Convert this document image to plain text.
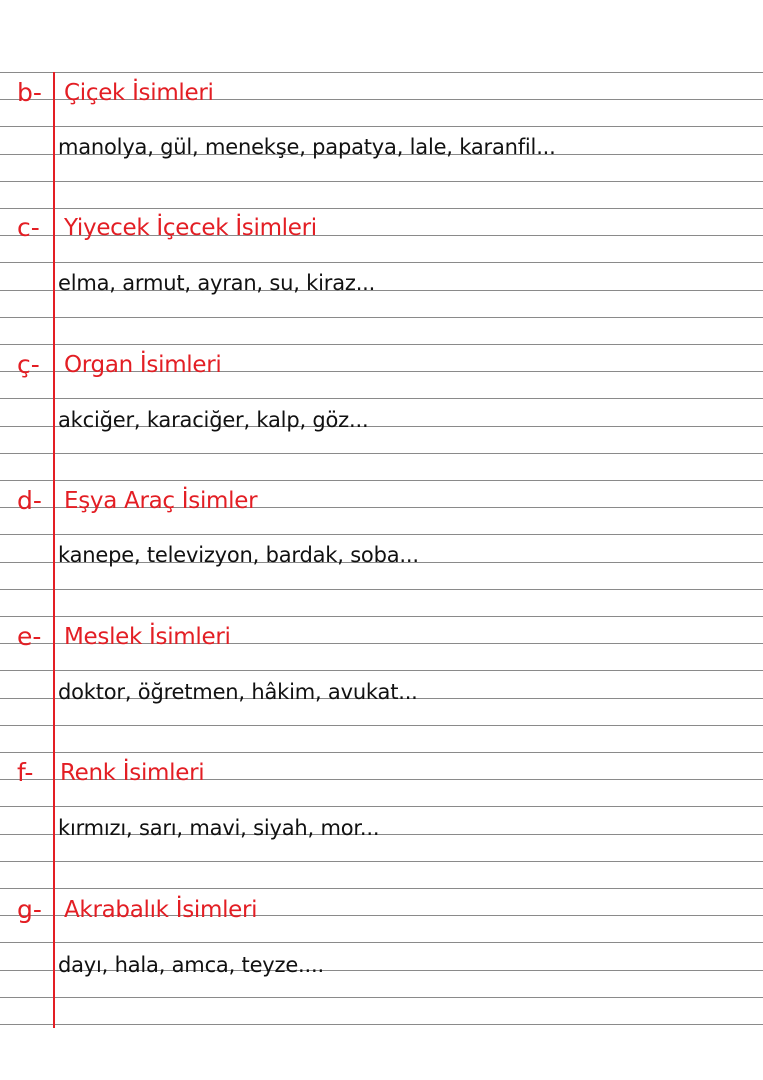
b- Çiçek İsimleri
manolya, gül, menekşe, papatya, lale, karanfil...
c-	Yiyecek İçecek İsimleri
elma, armut, ayran, su, kiraz...
ç-	Organ İsimleri
akciğer, karaciğer, kalp, göz...
d- Eşya Araç İsimler
kanepe, televizyon, bardak, soba...
e- Meslek İsimleri
doktor, öğretmen, hâkim, avukat...
f-	Renk İsimleri
kırmızı, sarı, mavi, siyah, mor...
g- Akrabalık İsimleri
dayı, hala, amca, teyze....
